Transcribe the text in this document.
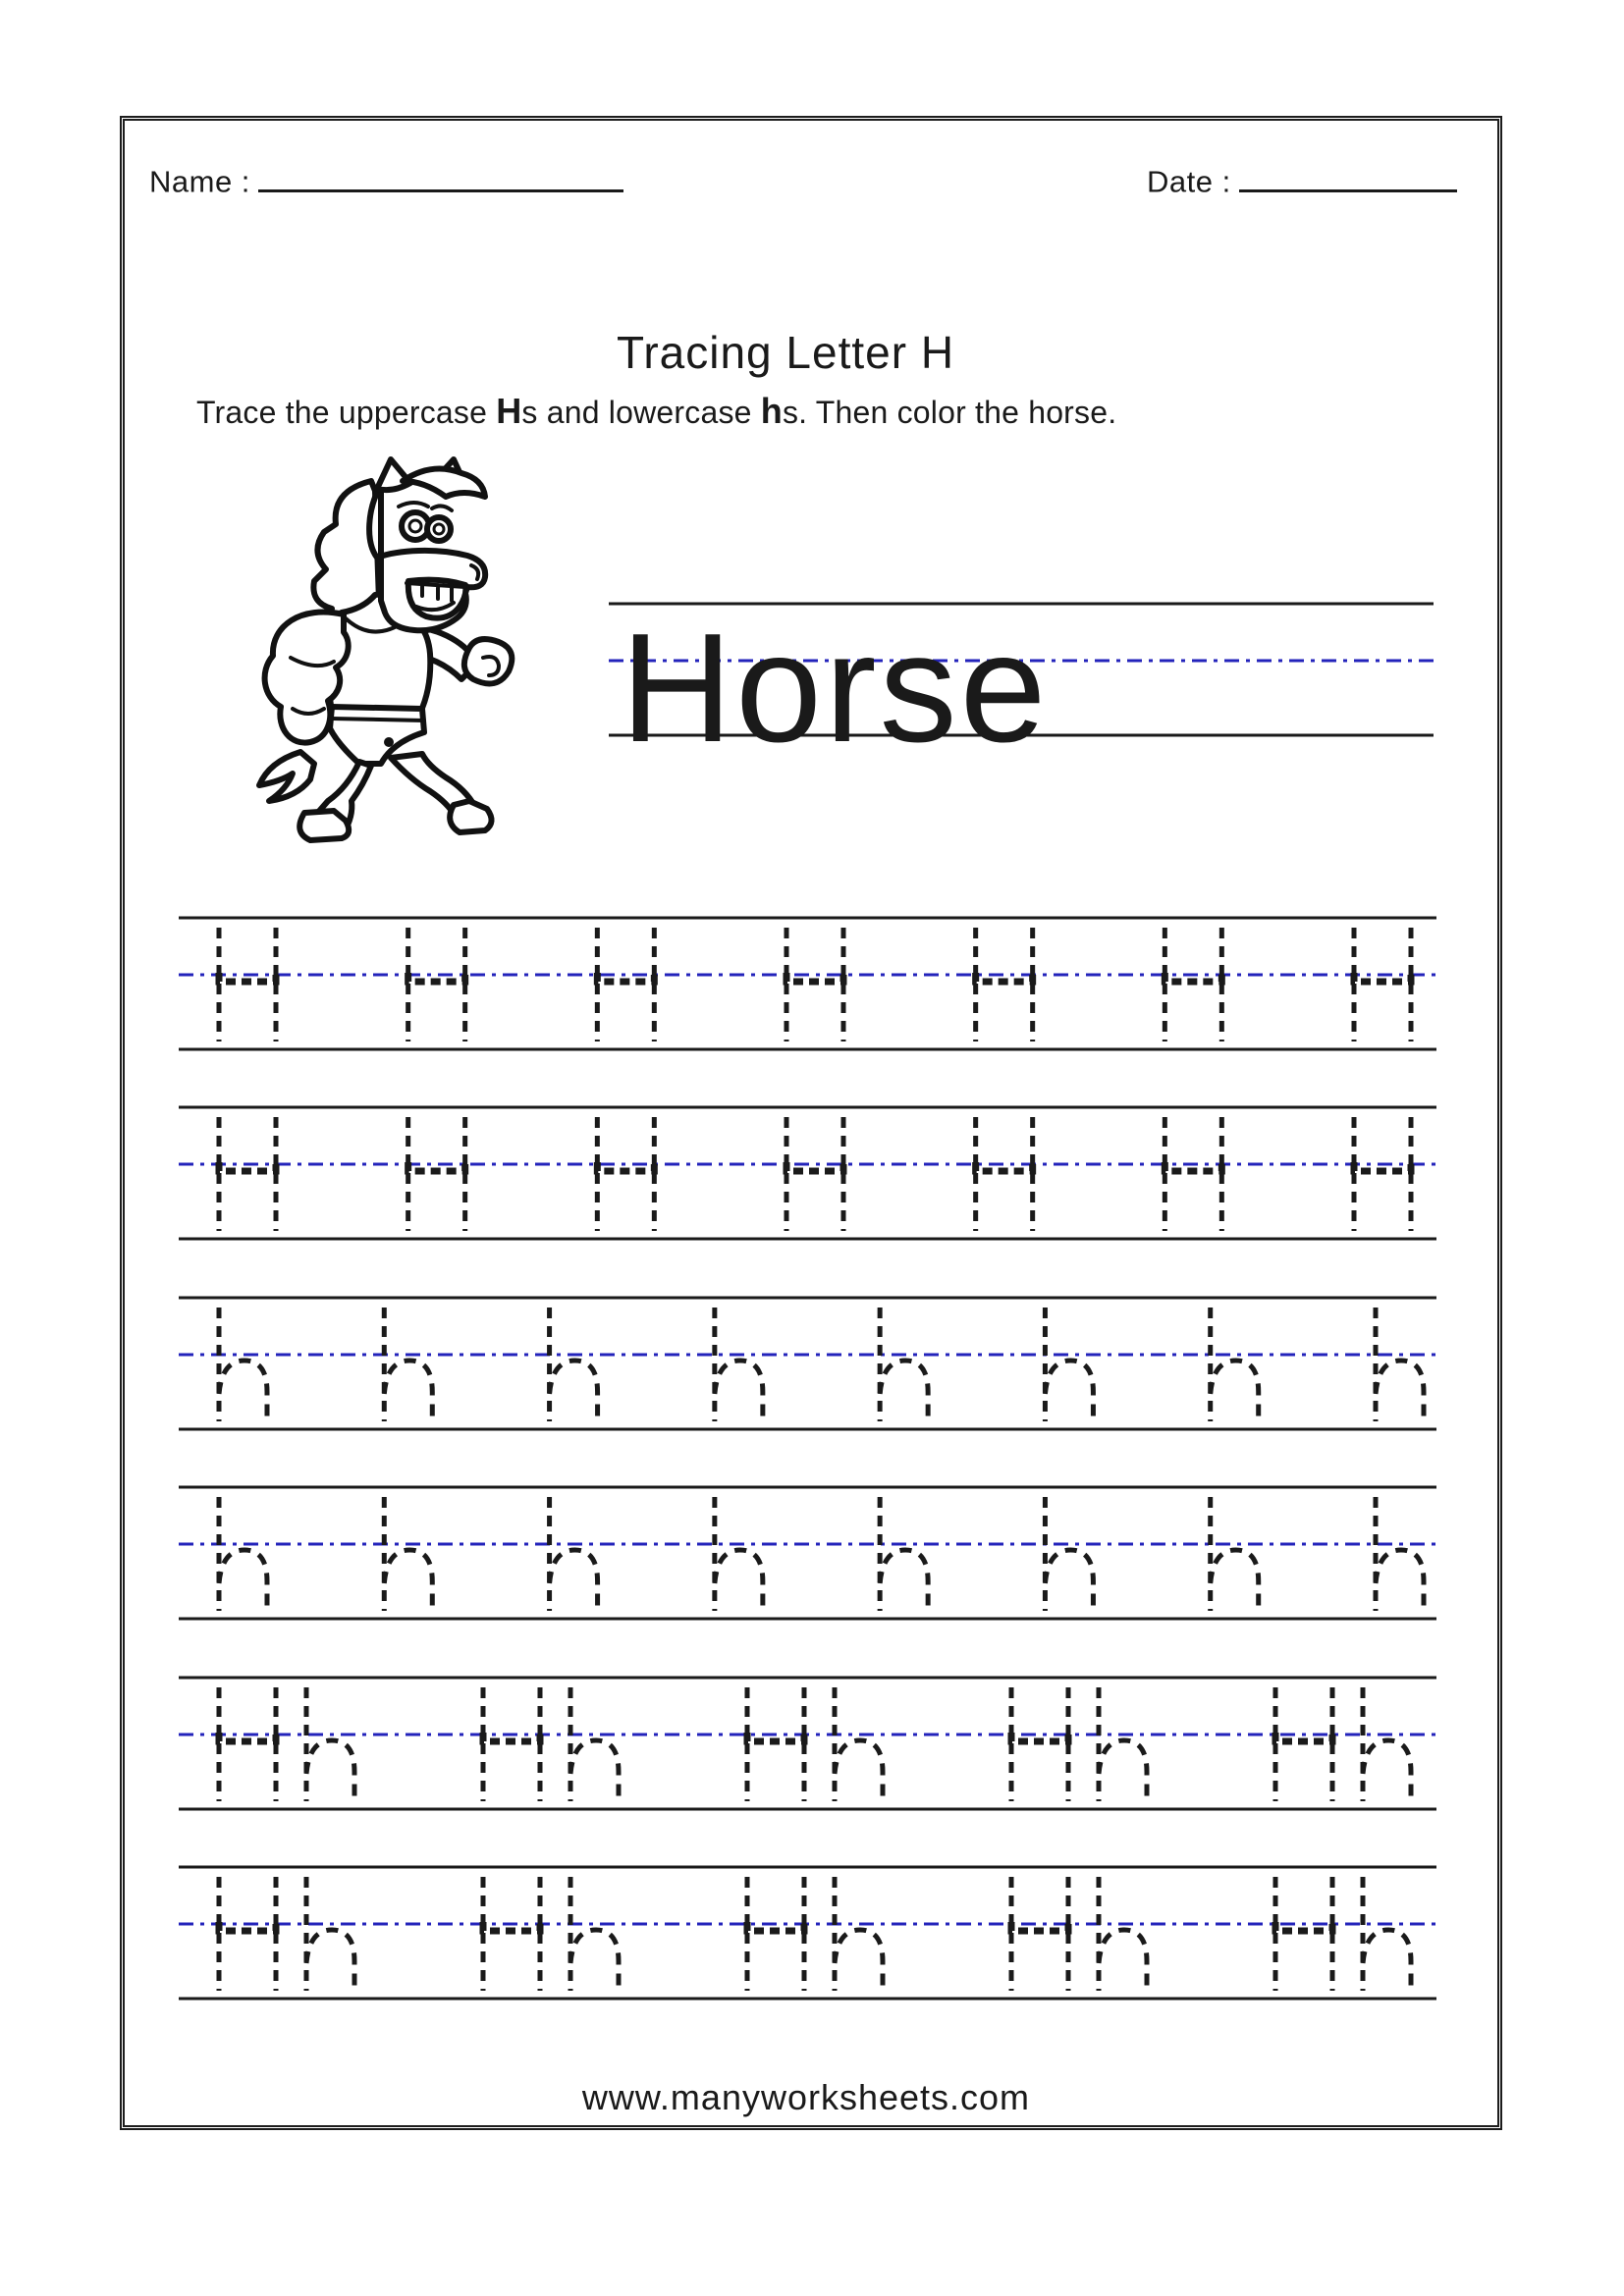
Name :	Date :
Tracing Letter H
Trace the uppercase Hs and lowercase hs. Then color the horse.
Horse
www.manyworksheets.com
